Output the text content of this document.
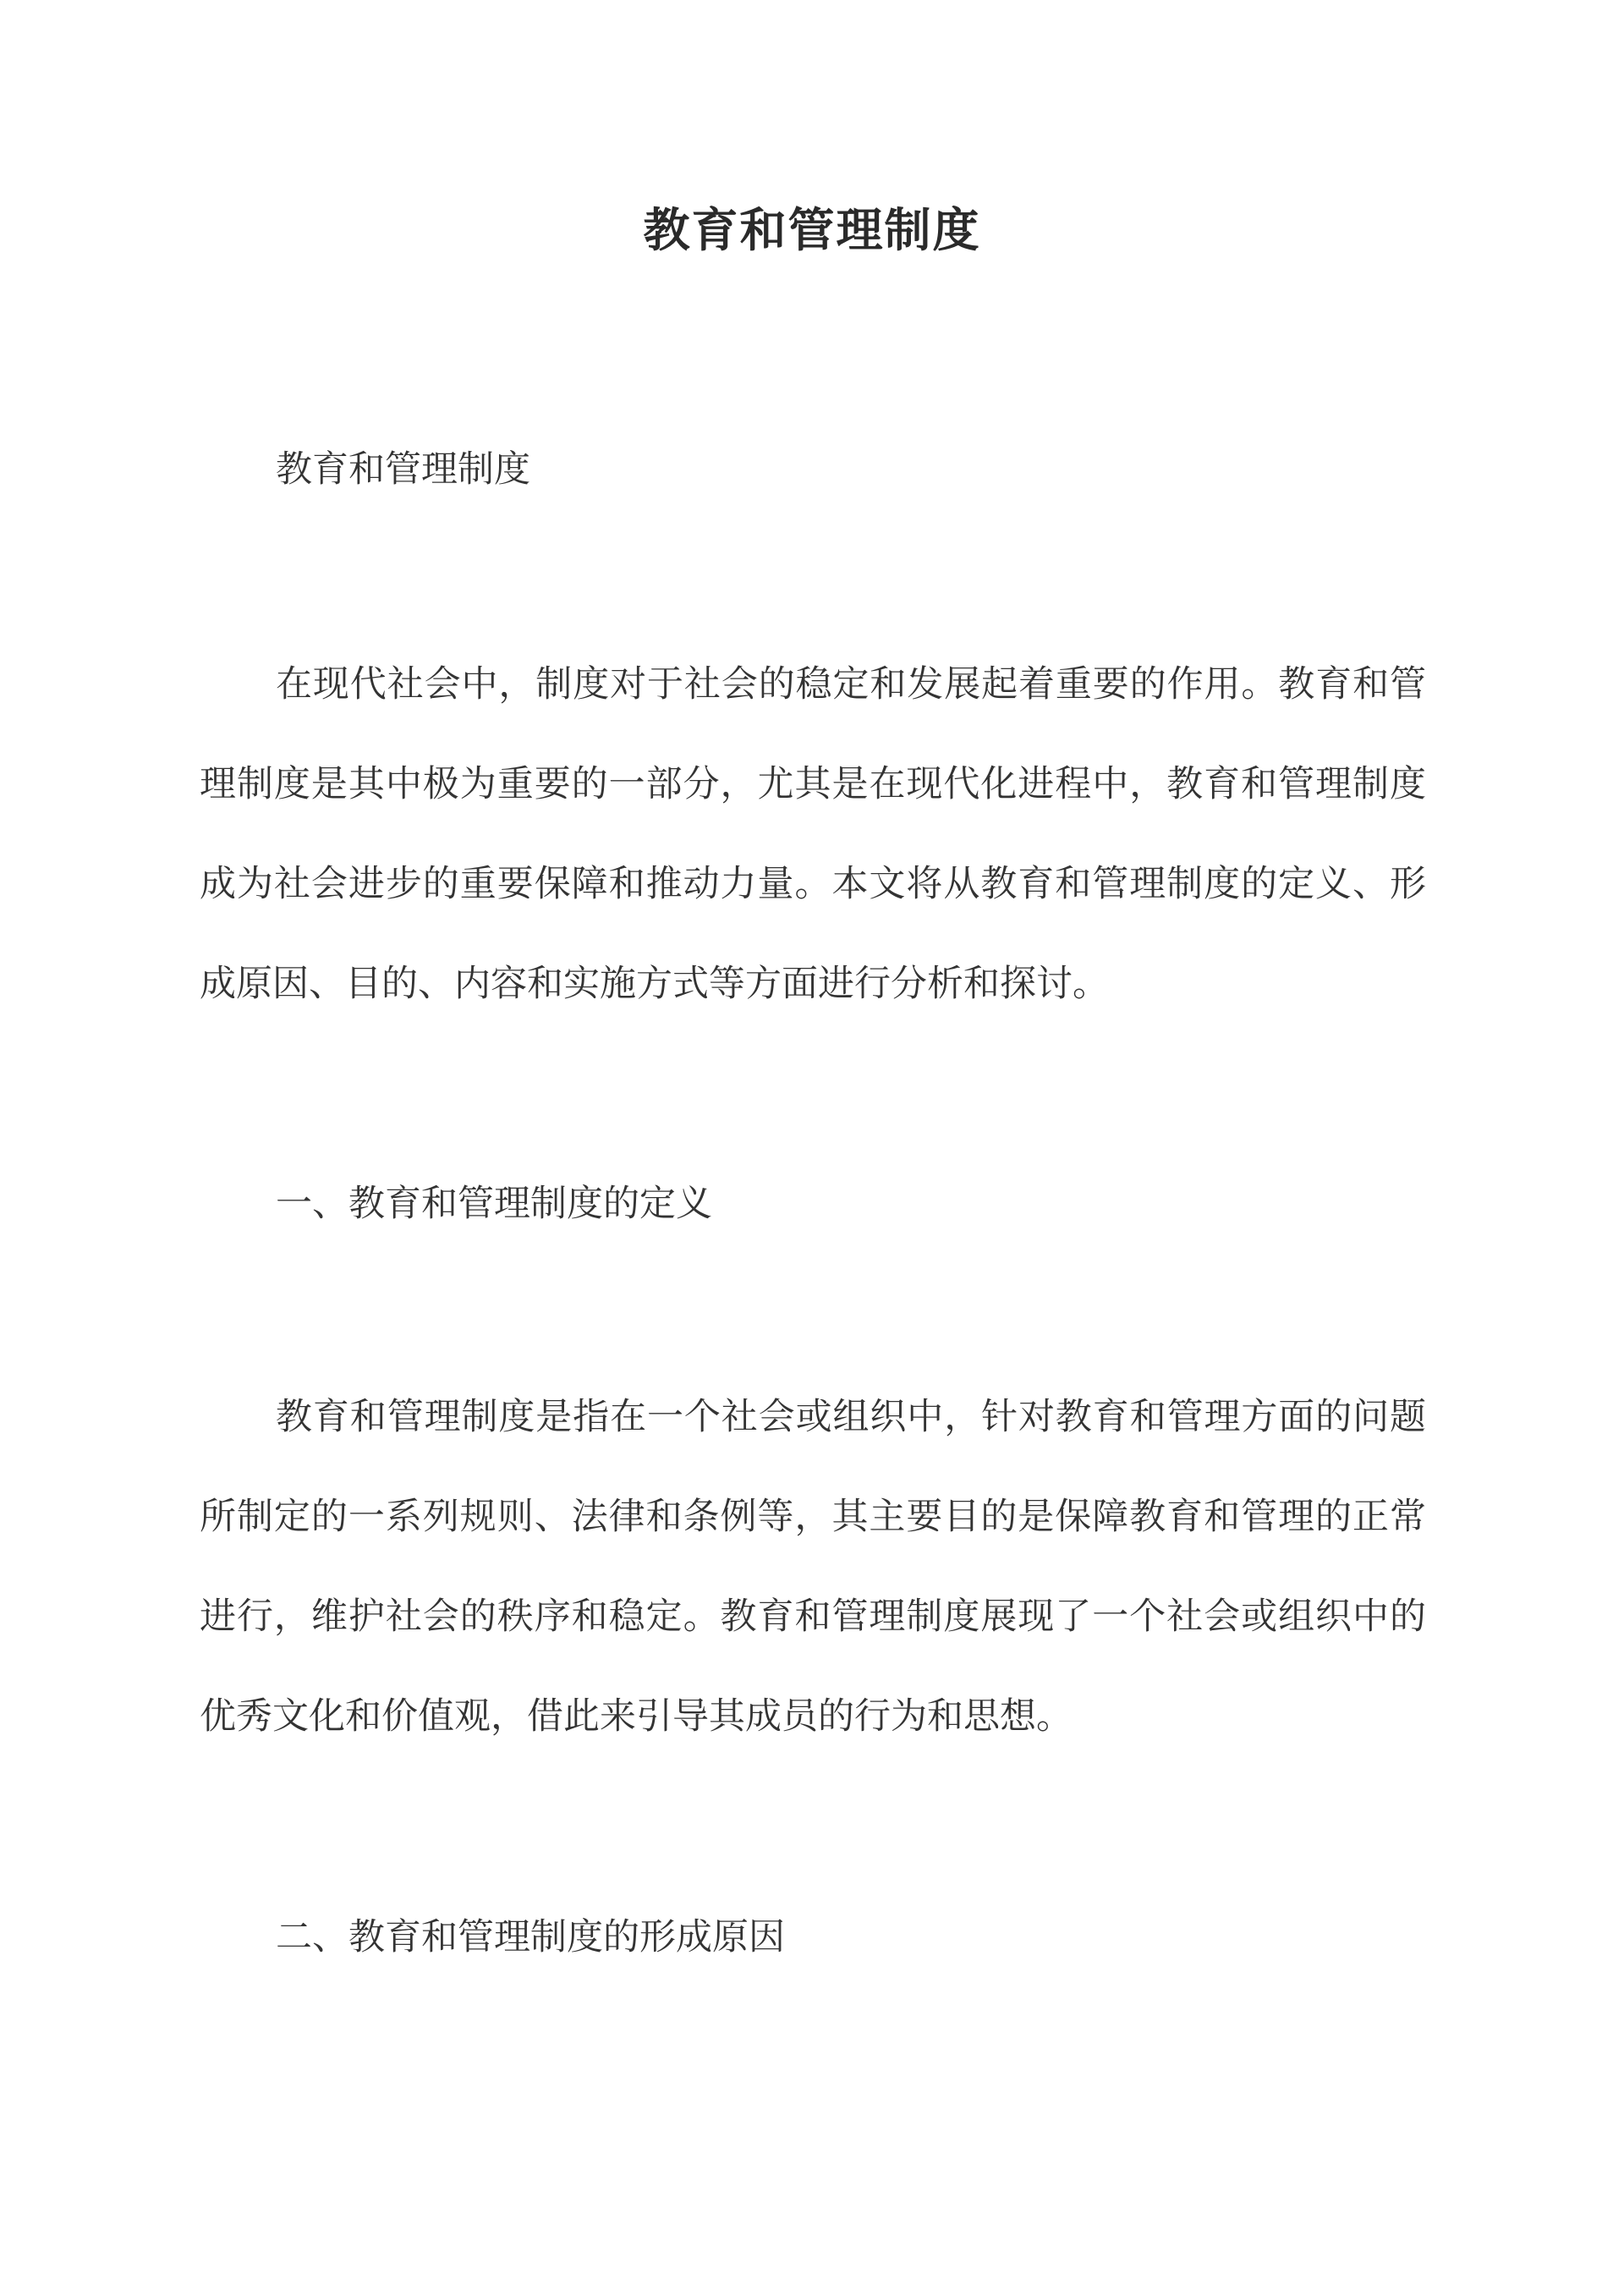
教育和管理制度

教育和管理制度

在现代社会中，制度对于社会的稳定和发展起着重要的作用。教育和管理制度是其中极为重要的一部分，尤其是在现代化进程中，教育和管理制度成为社会进步的重要保障和推动力量。本文将从教育和管理制度的定义、形成原因、目的、内容和实施方式等方面进行分析和探讨。

一、教育和管理制度的定义

教育和管理制度是指在一个社会或组织中，针对教育和管理方面的问题所制定的一系列规则、法律和条例等，其主要目的是保障教育和管理的正常进行，维护社会的秩序和稳定。教育和管理制度展现了一个社会或组织中的优秀文化和价值观，借此来引导其成员的行为和思想。

二、教育和管理制度的形成原因
